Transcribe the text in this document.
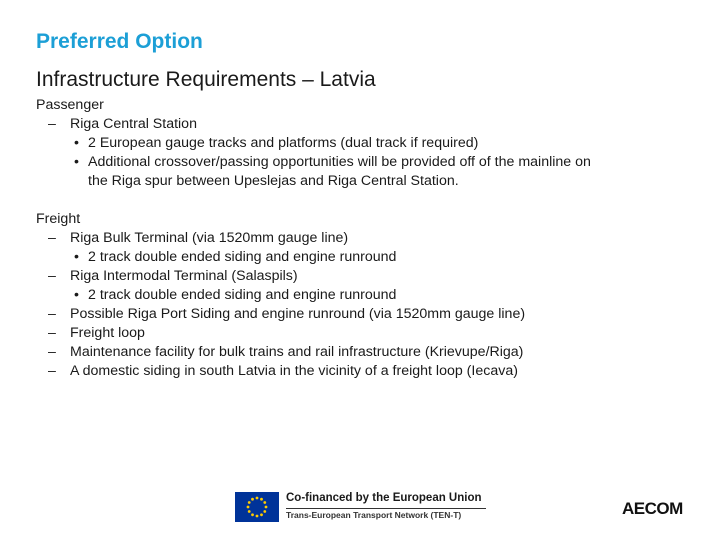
Preferred Option
Infrastructure Requirements – Latvia
Passenger
– Riga Central Station
• 2 European gauge tracks and platforms (dual track if required)
• Additional crossover/passing opportunities will be provided off of the mainline on
the Riga spur between Upeslejas and Riga Central Station.
Freight
– Riga Bulk Terminal (via 1520mm gauge line)
• 2 track double ended siding and engine runround
– Riga Intermodal Terminal (Salaspils)
• 2 track double ended siding and engine runround
– Possible Riga Port Siding and engine runround (via 1520mm gauge line)
– Freight loop
– Maintenance facility for bulk trains and rail infrastructure (Krievupe/Riga)
– A domestic siding in south Latvia in the vicinity of a freight loop (Iecava)
Co-financed by the European Union
Trans-European Transport Network (TEN-T)	AECOM
